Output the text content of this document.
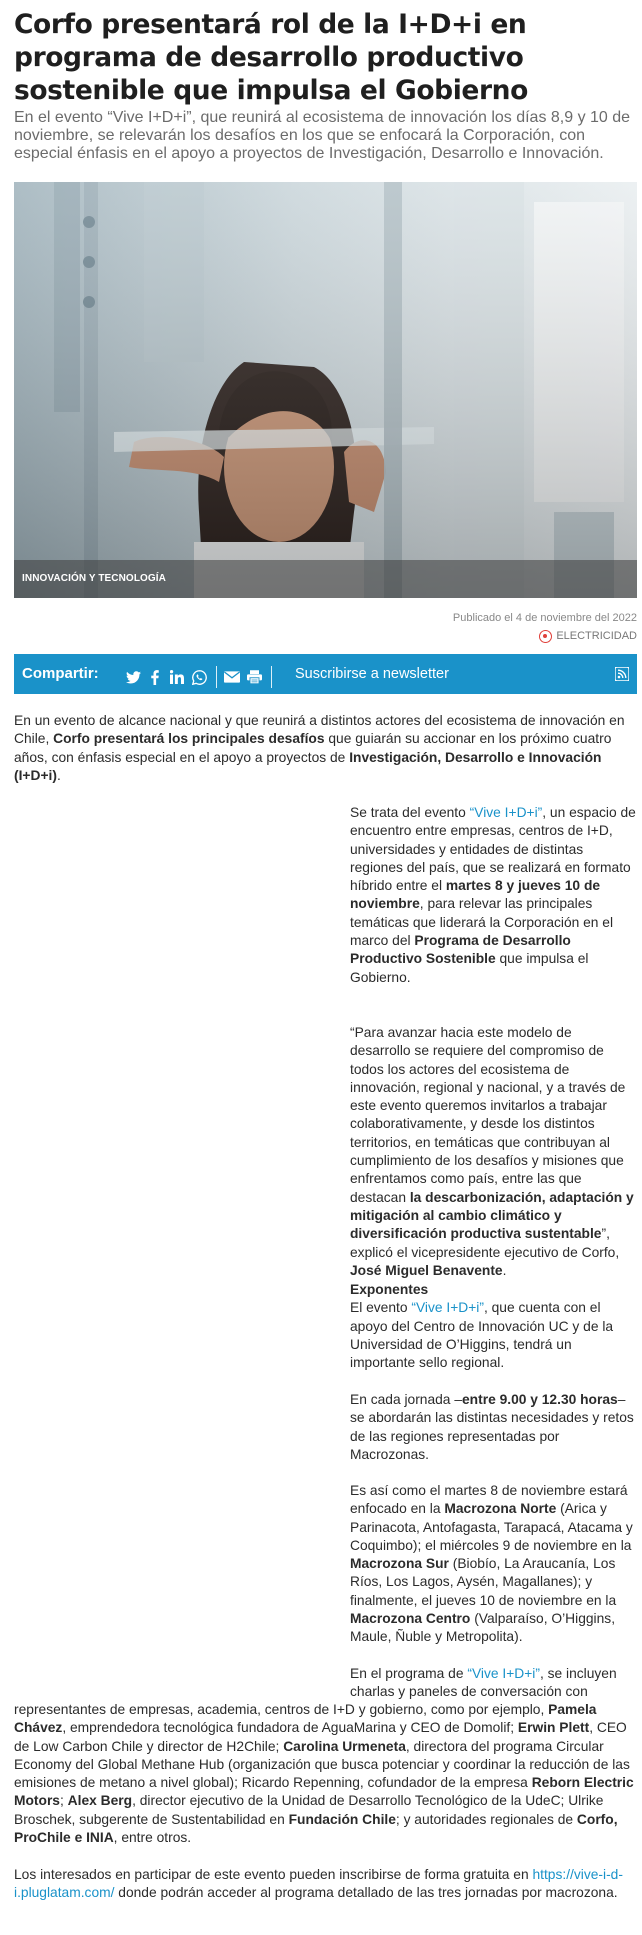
Corfo presentará rol de la I+D+i en programa de desarrollo productivo sostenible que impulsa el Gobierno

En el evento “Vive I+D+i”, que reunirá al ecosistema de innovación los días 8,9 y 10 de noviembre, se relevarán los desafíos en los que se enfocará la Corporación, con especial énfasis en el apoyo a proyectos de Investigación, Desarrollo e Innovación.

INNOVACIÓN Y TECNOLOGÍA
Publicado el 4 de noviembre del 2022
ELECTRICIDAD
Compartir:	Suscribirse a newsletter

En un evento de alcance nacional y que reunirá a distintos actores del ecosistema de innovación en Chile, Corfo presentará los principales desafíos que guiarán su accionar en los próximo cuatro años, con énfasis especial en el apoyo a proyectos de Investigación, Desarrollo e Innovación (I+D+i).

Se trata del evento “Vive I+D+i”, un espacio de encuentro entre empresas, centros de I+D, universidades y entidades de distintas regiones del país, que se realizará en formato híbrido entre el martes 8 y jueves 10 de noviembre, para relevar las principales temáticas que liderará la Corporación en el marco del Programa de Desarrollo Productivo Sostenible que impulsa el Gobierno.

“Para avanzar hacia este modelo de desarrollo se requiere del compromiso de todos los actores del ecosistema de innovación, regional y nacional, y a través de este evento queremos invitarlos a trabajar colaborativamente, y desde los distintos territorios, en temáticas que contribuyan al cumplimiento de los desafíos y misiones que enfrentamos como país, entre las que destacan la descarbonización, adaptación y mitigación al cambio climático y diversificación productiva sustentable”, explicó el vicepresidente ejecutivo de Corfo, José Miguel Benavente.

Exponentes
El evento “Vive I+D+i”, que cuenta con el apoyo del Centro de Innovación UC y de la Universidad de O’Higgins, tendrá un importante sello regional.

En cada jornada –entre 9.00 y 12.30 horas– se abordarán las distintas necesidades y retos de las regiones representadas por Macrozonas.

Es así como el martes 8 de noviembre estará enfocado en la Macrozona Norte (Arica y Parinacota, Antofagasta, Tarapacá, Atacama y Coquimbo); el miércoles 9 de noviembre en la Macrozona Sur (Biobío, La Araucanía, Los Ríos, Los Lagos, Aysén, Magallanes); y finalmente, el jueves 10 de noviembre en la Macrozona Centro (Valparaíso, O’Higgins, Maule, Ñuble y Metropolita).

En el programa de “Vive I+D+i”, se incluyen charlas y paneles de conversación con

representantes de empresas, academia, centros de I+D y gobierno, como por ejemplo, Pamela Chávez, emprendedora tecnológica fundadora de AguaMarina y CEO de Domolif; Erwin Plett, CEO de Low Carbon Chile y director de H2Chile; Carolina Urmeneta, directora del programa Circular Economy del Global Methane Hub (organización que busca potenciar y coordinar la reducción de las emisiones de metano a nivel global); Ricardo Repenning, cofundador de la empresa Reborn Electric Motors; Alex Berg, director ejecutivo de la Unidad de Desarrollo Tecnológico de la UdeC; Ulrike Broschek, subgerente de Sustentabilidad en Fundación Chile; y autoridades regionales de Corfo, ProChile e INIA, entre otros.

Los interesados en participar de este evento pueden inscribirse de forma gratuita en https://vive-i-d-i.pluglatam.com/ donde podrán acceder al programa detallado de las tres jornadas por macrozona.
